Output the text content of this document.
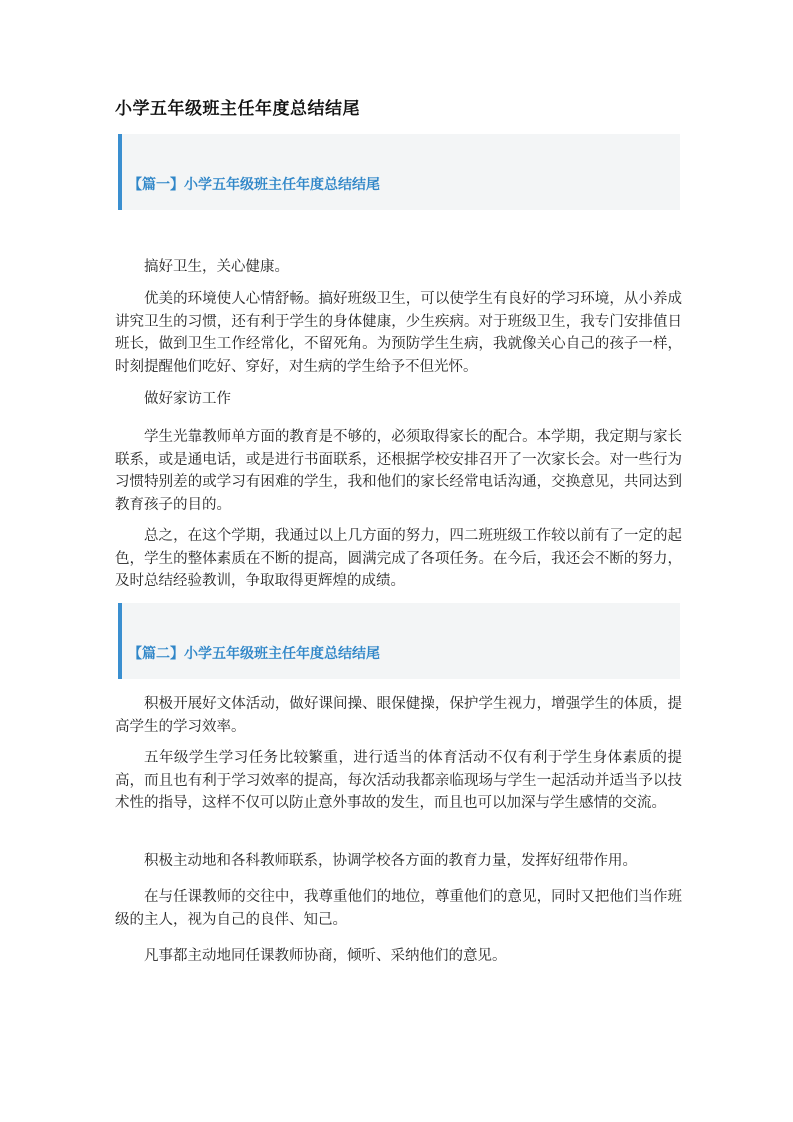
小学五年级班主任年度总结结尾
【篇一】小学五年级班主任年度总结结尾

搞好卫生，关心健康。

优美的环境使人心情舒畅。搞好班级卫生，可以使学生有良好的学习环境，从小养成讲究卫生的习惯，还有利于学生的身体健康，少生疾病。对于班级卫生，我专门安排值日班长，做到卫生工作经常化，不留死角。为预防学生生病，我就像关心自己的孩子一样，时刻提醒他们吃好、穿好，对生病的学生给予不但光怀。

做好家访工作

学生光靠教师单方面的教育是不够的，必须取得家长的配合。本学期，我定期与家长联系，或是通电话，或是进行书面联系，还根据学校安排召开了一次家长会。对一些行为习惯特别差的或学习有困难的学生，我和他们的家长经常电话沟通，交换意见，共同达到教育孩子的目的。

总之，在这个学期，我通过以上几方面的努力，四二班班级工作较以前有了一定的起色，学生的整体素质在不断的提高，圆满完成了各项任务。在今后，我还会不断的努力，及时总结经验教训，争取取得更辉煌的成绩。

【篇二】小学五年级班主任年度总结结尾

积极开展好文体活动，做好课间操、眼保健操，保护学生视力，增强学生的体质，提高学生的学习效率。

五年级学生学习任务比较繁重，进行适当的体育活动不仅有利于学生身体素质的提高，而且也有利于学习效率的提高，每次活动我都亲临现场与学生一起活动并适当予以技术性的指导，这样不仅可以防止意外事故的发生，而且也可以加深与学生感情的交流。

积极主动地和各科教师联系，协调学校各方面的教育力量，发挥好纽带作用。

在与任课教师的交往中，我尊重他们的地位，尊重他们的意见，同时又把他们当作班级的主人，视为自己的良伴、知己。

凡事都主动地同任课教师协商，倾听、采纳他们的意见。
